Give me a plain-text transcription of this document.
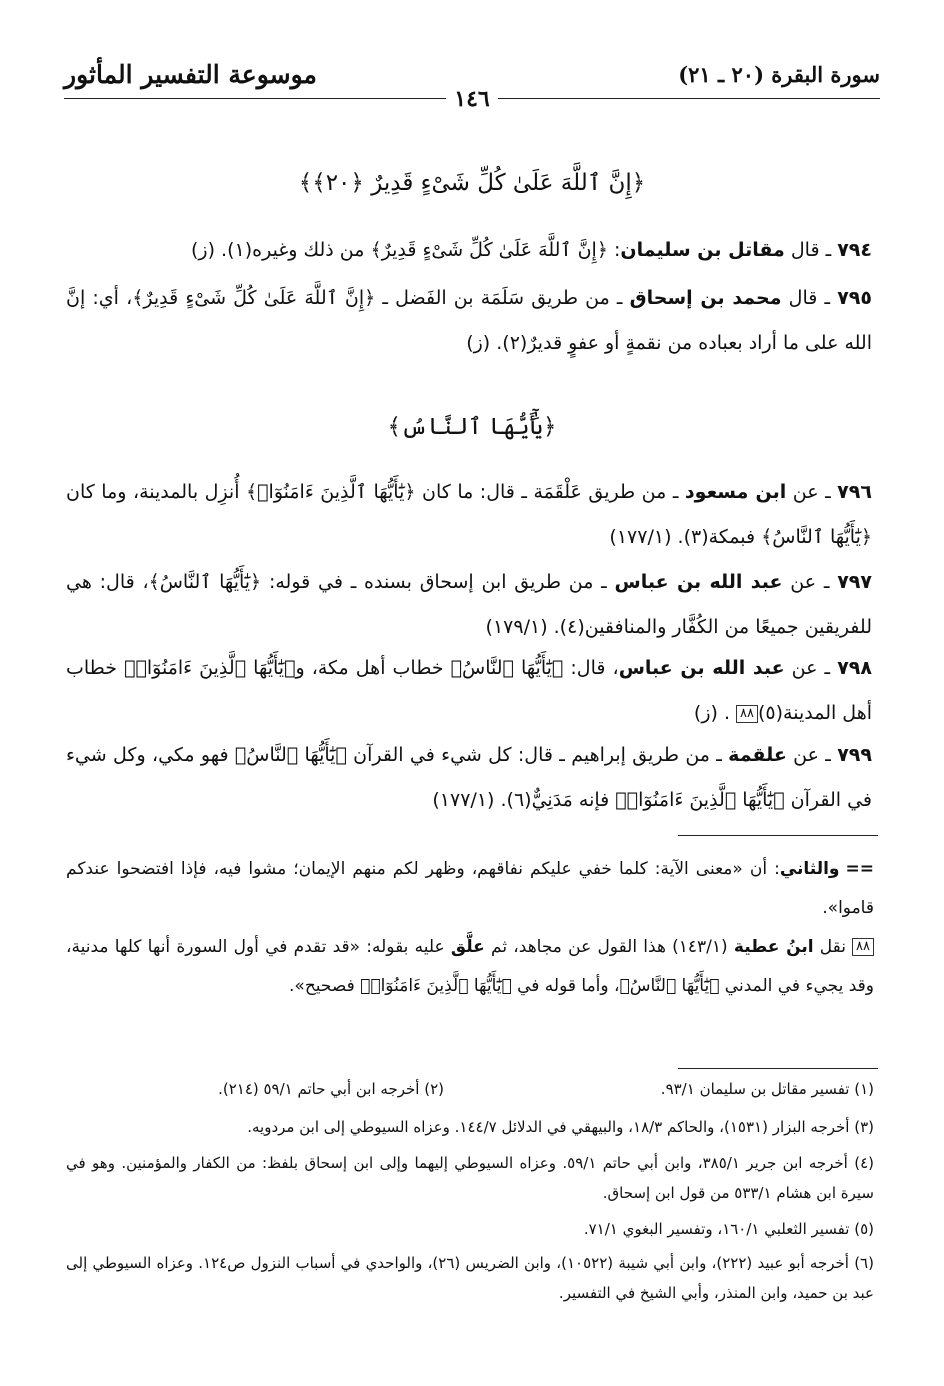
سورة البقرة (٢٠ ـ ٢١)
موسوعة التفسير المأثور
١٤٦
﴿إِنَّ ٱللَّهَ عَلَىٰ كُلِّ شَىْءٍ قَدِيرٌ ﴿٢٠﴾﴾
٧٩٤ ـ قال مقاتل بن سليمان: ﴿إِنَّ ٱللَّهَ عَلَىٰ كُلِّ شَىْءٍ قَدِيرٌ﴾ من ذلك وغيره(١). (ز)
٧٩٥ ـ قال محمد بن إسحاق ـ من طريق سَلَمَة بن الفَضل ـ ﴿إِنَّ ٱللَّهَ عَلَىٰ كُلِّ شَىْءٍ قَدِيرٌ﴾، أي: إنَّ الله على ما أراد بعباده من نقمةٍ أو عفوٍ قديرٌ(٢). (ز)
﴿يَٰٓأَيُّهَا ٱلنَّاسُ﴾
٧٩٦ ـ عن ابن مسعود ـ من طريق عَلْقَمَة ـ قال: ما كان ﴿يَٰٓأَيُّهَا ٱلَّذِينَ ءَامَنُوٓا۟﴾ أُنزِل بالمدينة، وما كان ﴿يَٰٓأَيُّهَا ٱلنَّاسُ﴾ فبمكة(٣). (١٧٧/١)
٧٩٧ ـ عن عبد الله بن عباس ـ من طريق ابن إسحاق بسنده ـ في قوله: ﴿يَٰٓأَيُّهَا ٱلنَّاسُ﴾، قال: هي للفريقين جميعًا من الكُفَّار والمنافقين(٤). (١٧٩/١)
٧٩٨ ـ عن عبد الله بن عباس، قال: ﴿يَٰٓأَيُّهَا ٱلنَّاسُ﴾ خطاب أهل مكة، و﴿يَٰٓأَيُّهَا ٱلَّذِينَ ءَامَنُوٓا۟﴾ خطاب أهل المدينة(٥)٨٨. (ز)
٧٩٩ ـ عن علقمة ـ من طريق إبراهيم ـ قال: كل شيء في القرآن ﴿يَٰٓأَيُّهَا ٱلنَّاسُ﴾ فهو مكي، وكل شيء في القرآن ﴿يَٰٓأَيُّهَا ٱلَّذِينَ ءَامَنُوٓا۟﴾ فإنه مَدَنِيٌّ(٦). (١٧٧/١)
==والثاني: أن «معنى الآية: كلما خفي عليكم نفاقهم، وظهر لكم منهم الإيمان؛ مشوا فيه، فإذا افتضحوا عندكم قاموا».
٨٨نقل ابنُ عطية (١٤٣/١) هذا القول عن مجاهد، ثم علَّق عليه بقوله: «قد تقدم في أول السورة أنها كلها مدنية، وقد يجيء في المدني ﴿يَٰٓأَيُّهَا ٱلنَّاسُ﴾، وأما قوله في ﴿يَٰٓأَيُّهَا ٱلَّذِينَ ءَامَنُوٓا۟﴾ فصحيح».
(١) تفسير مقاتل بن سليمان ٩٣/١.
(٢) أخرجه ابن أبي حاتم ٥٩/١ (٢١٤).
(٣) أخرجه البزار (١٥٣١)، والحاكم ١٨/٣، والبيهقي في الدلائل ١٤٤/٧. وعزاه السيوطي إلى ابن مردويه.
(٤) أخرجه ابن جرير ٣٨٥/١، وابن أبي حاتم ٥٩/١. وعزاه السيوطي إليهما وإلى ابن إسحاق بلفظ: من الكفار والمؤمنين. وهو في سيرة ابن هشام ٥٣٣/١ من قول ابن إسحاق.
(٥) تفسير الثعلبي ١٦٠/١، وتفسير البغوي ٧١/١.
(٦) أخرجه أبو عبيد (٢٢٢)، وابن أبي شيبة (١٠٥٢٢)، وابن الضريس (٢٦)، والواحدي في أسباب النزول ص١٢٤. وعزاه السيوطي إلى عبد بن حميد، وابن المنذر، وأبي الشيخ في التفسير.
